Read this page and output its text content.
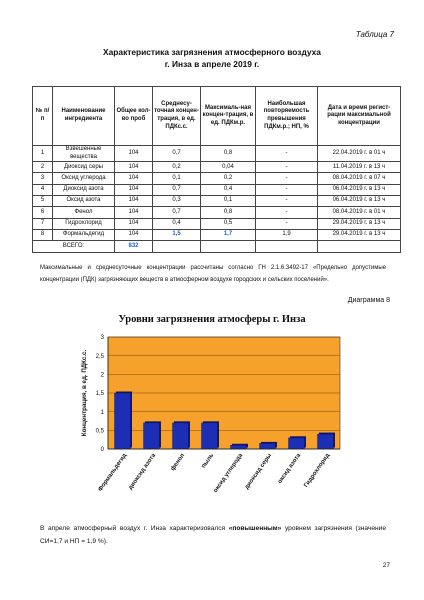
Таблица 7
Характеристика загрязнения атмосферного воздуха
г. Инза в апреле 2019 г.
№ п/п	Наименование ингредиента	Общее кол-во проб	Среднесу-точная концен-трация, в ед. ПДКс.с.	Максималь-ная концен-трация, в ед. ПДКм.р.	Наибольшая повторяемость превышения ПДКм.р.; НП, %	Дата и время регист-рации максимальной концентрации
1	Взвешенные вещества	104	0,7	0,8	-	22.04.2019 г. в 01 ч
2	Диоксид серы	104	0,2	0,04	-	11.04.2019 г. в 13 ч
3	Оксид углерода	104	0,1	0,2	-	08.04.2019 г. в 07 ч
4	Диоксид азота	104	0,7	0,4	-	06.04.2019 г. в 13 ч
5	Оксид азота	104	0,3	0,1	-	06.04.2019 г. в 13 ч
6	Фенол	104	0,7	0,8	-	08.04.2019 г. в 01 ч
7	Гидрохлорид	104	0,4	0,5	-	29.04.2019 г. в 13 ч
8	Формальдегид	104	1,5	1,7	1,9	29.04.2019 г. в 13 ч
ВСЕГО:		832				
Максимальные и среднесуточные концентрации рассчитаны согласно ГН 2.1.6.3492-17 «Предельно допустимые концентрации (ПДК) загрязняющих веществ в атмосферном воздухе городских и сельских поселений».
Диаграмма 8
Уровни загрязнения атмосферы г. Инза
0
0,5
1
1,5
2
2,5
3
Концентрация, в ед. ПДКс.с.
Формальдегид диоксид азота фенол пыль
оксид углерода диоксид серы оксид азота Гидрохлорид
В апреле атмосферный воздух г. Инза характеризовался «повышенным» уровнем загрязнения (значение СИ=1,7 и НП = 1,9 %).
27
